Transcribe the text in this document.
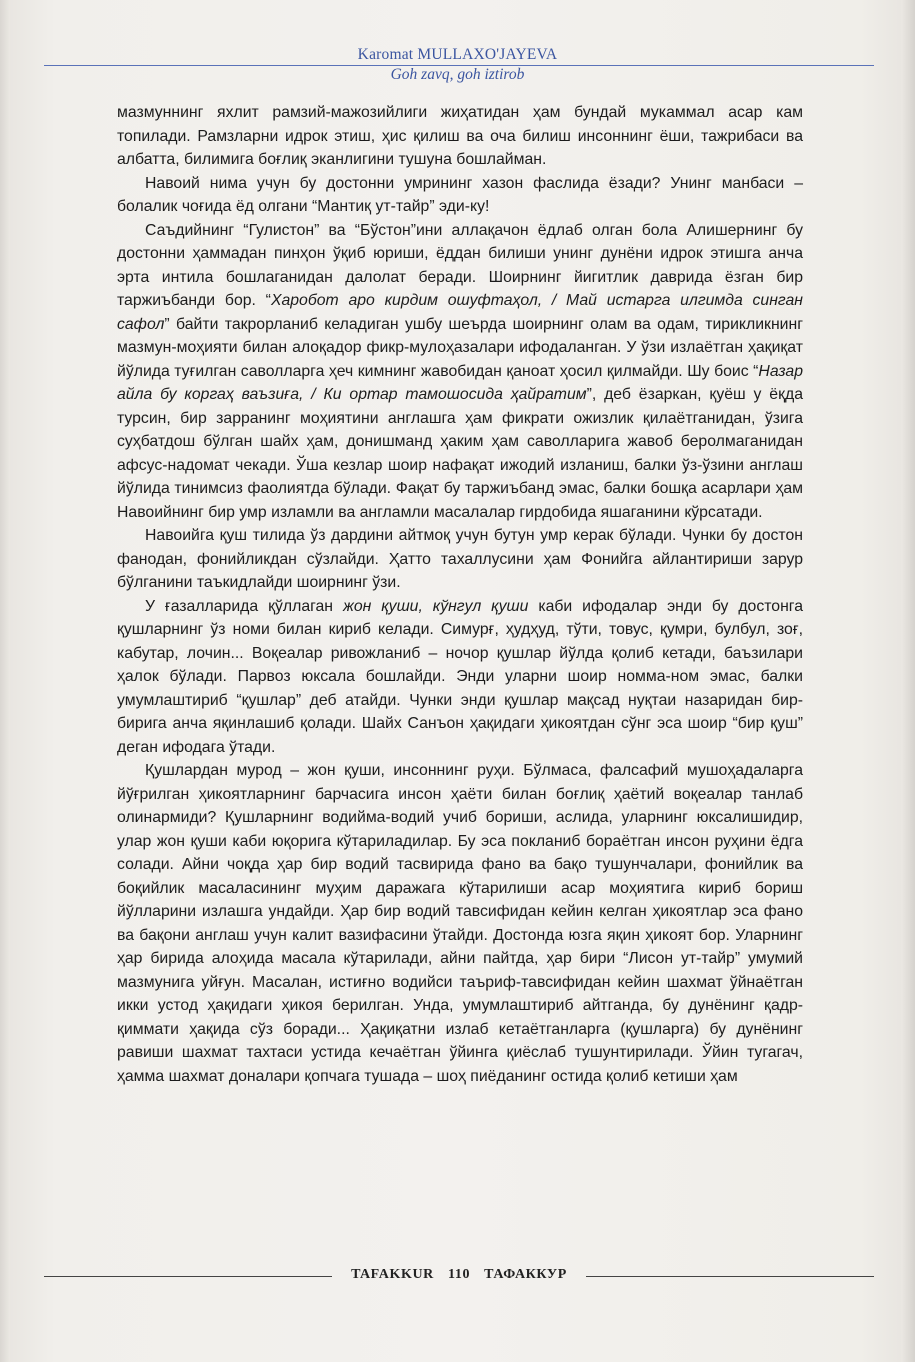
Karomat MULLAXO'JAYEVA
Goh zavq, goh iztirob

мазмуннинг яхлит рамзий-мажозийлиги жиҳатидан ҳам бундай мукаммал асар кам топилади. Рамзларни идрок этиш, ҳис қилиш ва оча билиш инсоннинг ёши, тажрибаси ва албатта, билимига боғлиқ эканлигини тушуна бошлайман.

Навоий нима учун бу достонни умрининг хазон фаслида ёзади? Унинг манбаси – болалик чоғида ёд олгани “Мантиқ ут-тайр” эди-ку!

Саъдийнинг “Гулистон” ва “Бўстон”ини аллақачон ёдлаб олган бола Алишернинг бу достонни ҳаммадан пинҳон ўқиб юриши, ёддан билиши унинг дунёни идрок этишга анча эрта интила бошлаганидан далолат беради. Шоирнинг йигитлик даврида ёзган бир таржиъбанди бор. “Харобот аро кирдим ошуфтаҳол, / Май истарга илгимда синган сафол” байти такрорланиб келадиган ушбу шеърда шоирнинг олам ва одам, тирикликнинг мазмун-моҳияти билан алоқадор фикр-мулоҳазалари ифодаланган. У ўзи излаётган ҳақиқат йўлида туғилган саволларга ҳеч кимнинг жавобидан қаноат ҳосил қилмайди. Шу боис “Назар айла бу коргаҳ ваъзиға, / Ки ортар тамошосида ҳайратим”, деб ёзаркан, қуёш у ёқда турсин, бир зарранинг моҳиятини англашга ҳам фикрати ожизлик қилаётганидан, ўзига суҳбатдош бўлган шайх ҳам, донишманд ҳаким ҳам саволларига жавоб беролмаганидан афсус-надомат чекади. Ўша кезлар шоир нафақат ижодий изланиш, балки ўз-ўзини англаш йўлида тинимсиз фаолиятда бўлади. Фақат бу таржиъбанд эмас, балки бошқа асарлари ҳам Навоийнинг бир умр изламли ва англамли масалалар гирдобида яшаганини кўрсатади.

Навоийга қуш тилида ўз дардини айтмоқ учун бутун умр керак бўлади. Чунки бу достон фанодан, фонийликдан сўзлайди. Ҳатто тахаллусини ҳам Фонийга айлантириши зарур бўлганини таъкидлайди шоирнинг ўзи.

У ғазалларида қўллаган жон қуши, кўнгул қуши каби ифодалар энди бу достонга қушларнинг ўз номи билан кириб келади. Симурғ, ҳудҳуд, тўти, товус, қумри, булбул, зоғ, кабутар, лочин... Воқеалар ривожланиб – ночор қушлар йўлда қолиб кетади, баъзилари ҳалок бўлади. Парвоз юксала бошлайди. Энди уларни шоир номма-ном эмас, балки умумлаштириб “қушлар” деб атайди. Чунки энди қушлар мақсад нуқтаи назаридан бир-бирига анча яқинлашиб қолади. Шайх Санъон ҳақидаги ҳикоятдан сўнг эса шоир “бир қуш” деган ифодага ўтади.

Қушлардан мурод – жон қуши, инсоннинг руҳи. Бўлмаса, фалсафий мушоҳадаларга йўғрилган ҳикоятларнинг барчасига инсон ҳаёти билан боғлиқ ҳаётий воқеалар танлаб олинармиди? Қушларнинг водийма-водий учиб бориши, аслида, уларнинг юксалишидир, улар жон қуши каби юқорига кўтариладилар. Бу эса покланиб бораётган инсон руҳини ёдга солади. Айни чоқда ҳар бир водий тасвирида фано ва бақо тушунчалари, фонийлик ва боқийлик масаласининг муҳим даражага кўтарилиши асар моҳиятига кириб бориш йўлларини излашга ундайди. Ҳар бир водий тавсифидан кейин келган ҳикоятлар эса фано ва бақони англаш учун калит вазифасини ўтайди. Достонда юзга яқин ҳикоят бор. Уларнинг ҳар бирида алоҳида масала кўтарилади, айни пайтда, ҳар бири “Лисон ут-тайр” умумий мазмунига уйғун. Масалан, истиғно водийси таъриф-тавсифидан кейин шахмат ўйнаётган икки устод ҳақидаги ҳикоя берилган. Унда, умумлаштириб айтганда, бу дунёнинг қадр-қиммати ҳақида сўз боради... Ҳақиқатни излаб кетаётганларга (қушларга) бу дунёнинг равиши шахмат тахтаси устида кечаётган ўйинга қиёслаб тушунтирилади. Ўйин тугагач, ҳамма шахмат доналари қопчага тушада – шоҳ пиёданинг остида қолиб кетиши ҳам

TAFAKKUR 110 ТАФАККУР
